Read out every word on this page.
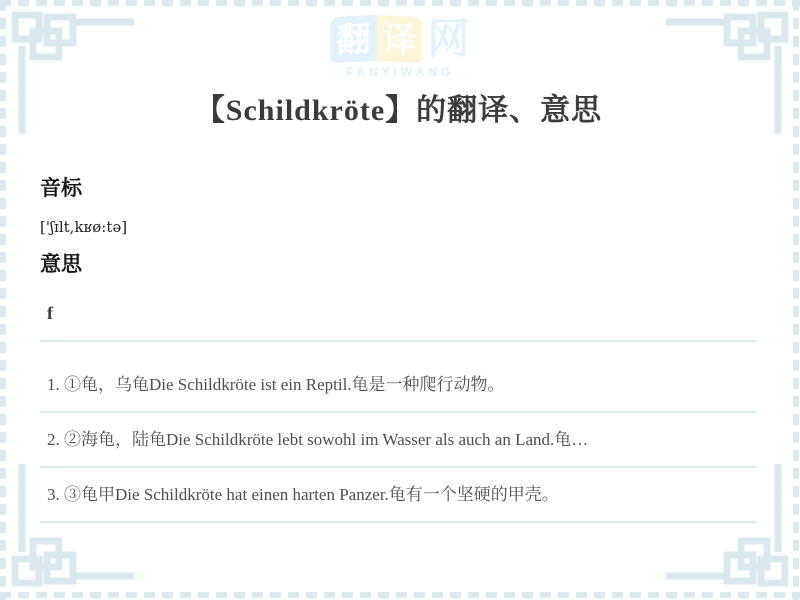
翻 译 网
FANYIWANG
【Schildkröte】的翻译、意思
音标
['ʃɪlt,kʁø:tə]
意思
f
1. ①龟，乌龟Die Schildkröte ist ein Reptil.龟是一种爬行动物。
2. ②海龟，陆龟Die Schildkröte lebt sowohl im Wasser als auch an Land.龟…
3. ③龟甲Die Schildkröte hat einen harten Panzer.龟有一个坚硬的甲壳。
